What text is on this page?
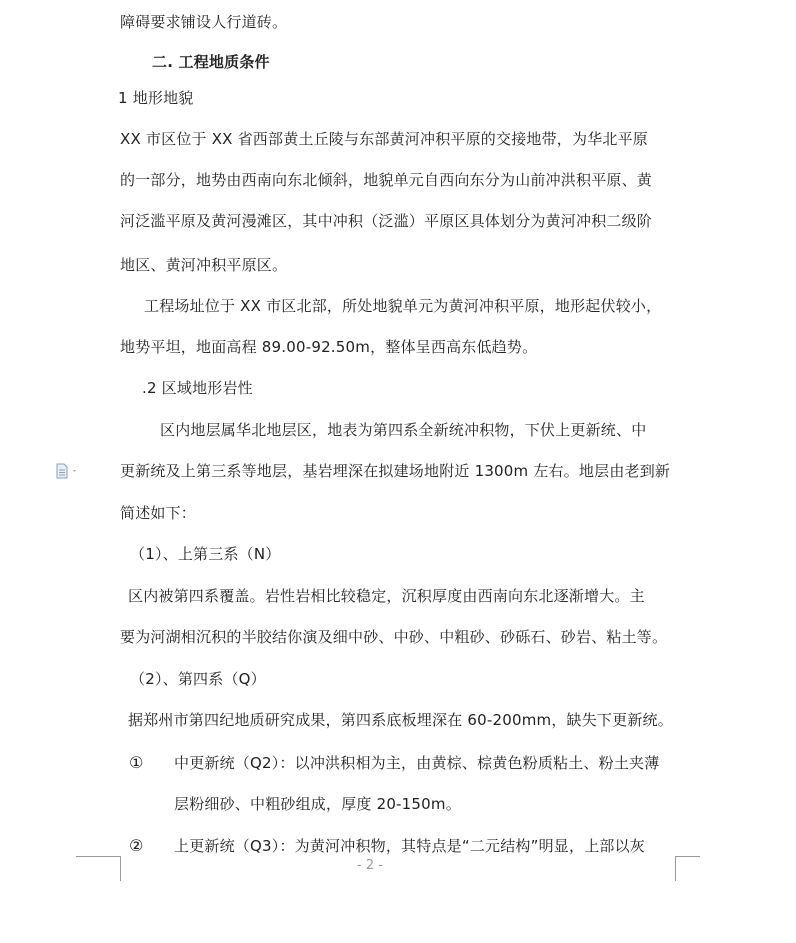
障碍要求铺设人行道砖。
二. 工程地质条件
1 地形地貌
XX 市区位于 XX 省西部黄土丘陵与东部黄河冲积平原的交接地带，为华北平原
的一部分，地势由西南向东北倾斜，地貌单元自西向东分为山前冲洪积平原、黄
河泛滥平原及黄河漫滩区，其中冲积（泛滥）平原区具体划分为黄河冲积二级阶
地区、黄河冲积平原区。
工程场址位于 XX 市区北部，所处地貌单元为黄河冲积平原，地形起伏较小，
地势平坦，地面高程 89.00-92.50m，整体呈西高东低趋势。
.2 区域地形岩性
区内地层属华北地层区，地表为第四系全新统冲积物，下伏上更新统、中
更新统及上第三系等地层，基岩埋深在拟建场地附近 1300m 左右。地层由老到新
简述如下：
（1）、上第三系（N）
区内被第四系覆盖。岩性岩相比较稳定，沉积厚度由西南向东北逐渐增大。主
要为河湖相沉积的半胶结你演及细中砂、中砂、中粗砂、砂砾石、砂岩、粘土等。
（2）、第四系（Q）
据郑州市第四纪地质研究成果，第四系底板埋深在 60-200mm，缺失下更新统。
① 中更新统（Q2）：以冲洪积相为主，由黄棕、棕黄色粉质粘土、粉土夹薄
层粉细砂、中粗砂组成，厚度 20-150m。
② 上更新统（Q3）：为黄河冲积物，其特点是“二元结构”明显，上部以灰
- 2 -
